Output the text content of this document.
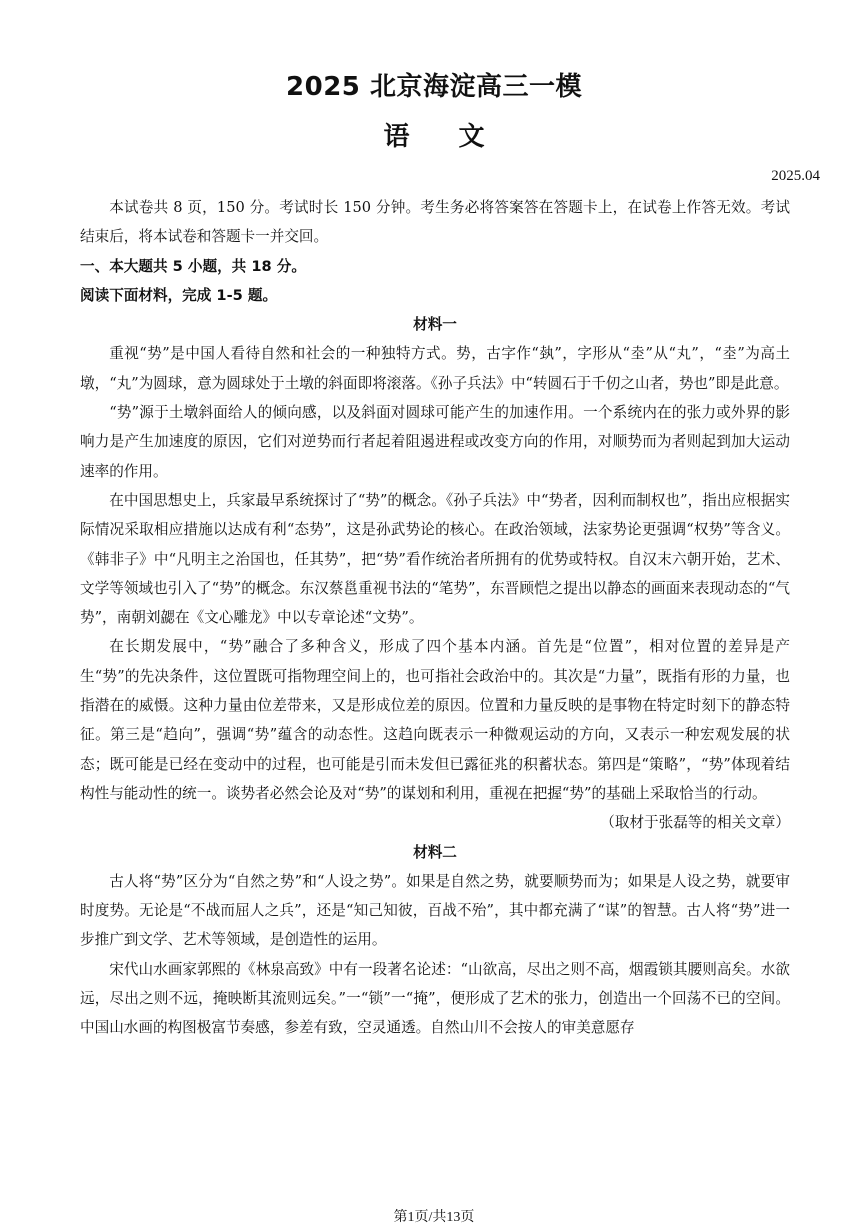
2025 北京海淀高三一模
语 文
2025.04

本试卷共 8 页，150 分。考试时长 150 分钟。考生务必将答案答在答题卡上，在试卷上作答无效。考试结束后，将本试卷和答题卡一并交回。

一、本大题共 5 小题，共 18 分。

阅读下面材料，完成 1-5 题。

材料一

重视“势”是中国人看待自然和社会的一种独特方式。势，古字作“埶”，字形从“坴”从“丸”，“坴”为高土墩，“丸”为圆球，意为圆球处于土墩的斜面即将滚落。《孙子兵法》中“转圆石于千仞之山者，势也”即是此意。

“势”源于土墩斜面给人的倾向感，以及斜面对圆球可能产生的加速作用。一个系统内在的张力或外界的影响力是产生加速度的原因，它们对逆势而行者起着阻遏进程或改变方向的作用，对顺势而为者则起到加大运动速率的作用。

在中国思想史上，兵家最早系统探讨了“势”的概念。《孙子兵法》中“势者，因利而制权也”，指出应根据实际情况采取相应措施以达成有利“态势”，这是孙武势论的核心。在政治领域，法家势论更强调“权势”等含义。《韩非子》中“凡明主之治国也，任其势”，把“势”看作统治者所拥有的优势或特权。自汉末六朝开始，艺术、文学等领域也引入了“势”的概念。东汉蔡邕重视书法的“笔势”，东晋顾恺之提出以静态的画面来表现动态的“气势”，南朝刘勰在《文心雕龙》中以专章论述“文势”。

在长期发展中，“势”融合了多种含义，形成了四个基本内涵。首先是“位置”，相对位置的差异是产生“势”的先决条件，这位置既可指物理空间上的，也可指社会政治中的。其次是“力量”，既指有形的力量，也指潜在的威慑。这种力量由位差带来，又是形成位差的原因。位置和力量反映的是事物在特定时刻下的静态特征。第三是“趋向”，强调“势”蕴含的动态性。这趋向既表示一种微观运动的方向，又表示一种宏观发展的状态；既可能是已经在变动中的过程，也可能是引而未发但已露征兆的积蓄状态。第四是“策略”，“势”体现着结构性与能动性的统一。谈势者必然会论及对“势”的谋划和利用，重视在把握“势”的基础上采取恰当的行动。

（取材于张磊等的相关文章）

材料二

古人将“势”区分为“自然之势”和“人设之势”。如果是自然之势，就要顺势而为；如果是人设之势，就要审时度势。无论是“不战而屈人之兵”，还是“知己知彼，百战不殆”，其中都充满了“谋”的智慧。古人将“势”进一步推广到文学、艺术等领域，是创造性的运用。

宋代山水画家郭熙的《林泉高致》中有一段著名论述：“山欲高，尽出之则不高，烟霞锁其腰则高矣。水欲远，尽出之则不远，掩映断其流则远矣。”一“锁”一“掩”，便形成了艺术的张力，创造出一个回荡不已的空间。中国山水画的构图极富节奏感，参差有致，空灵通透。自然山川不会按人的审美意愿存

第1页/共13页
